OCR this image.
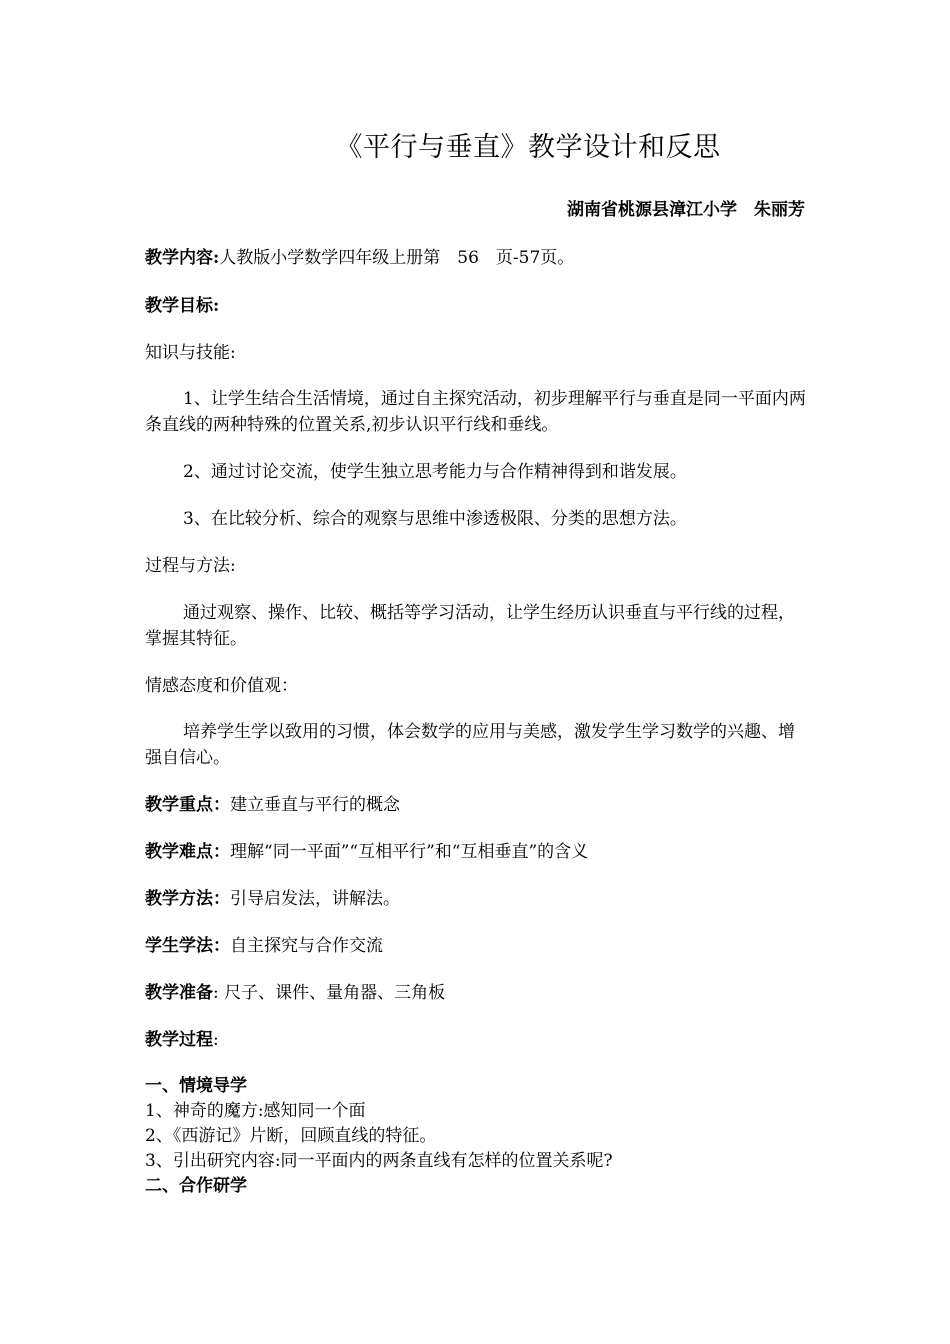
《平行与垂直》教学设计和反思
湖南省桃源县漳江小学　朱丽芳
教学内容:人教版小学数学四年级上册第　56　页-57页。
教学目标:
知识与技能:
1、让学生结合生活情境，通过自主探究活动，初步理解平行与垂直是同一平面内两条直线的两种特殊的位置关系,初步认识平行线和垂线。
2、通过讨论交流，使学生独立思考能力与合作精神得到和谐发展。
3、在比较分析、综合的观察与思维中渗透极限、分类的思想方法。
过程与方法:
通过观察、操作、比较、概括等学习活动，让学生经历认识垂直与平行线的过程，掌握其特征。
情感态度和价值观：
培养学生学以致用的习惯，体会数学的应用与美感，激发学生学习数学的兴趣、增强自信心。
教学重点：建立垂直与平行的概念
教学难点：理解“同一平面”“互相平行”和“互相垂直”的含义
教学方法：引导启发法，讲解法。
学生学法：自主探究与合作交流
教学准备: 尺子、课件、量角器、三角板
教学过程:
一、情境导学
1、神奇的魔方:感知同一个面
2、《西游记》片断，回顾直线的特征。
3、引出研究内容:同一平面内的两条直线有怎样的位置关系呢?
二、合作研学
